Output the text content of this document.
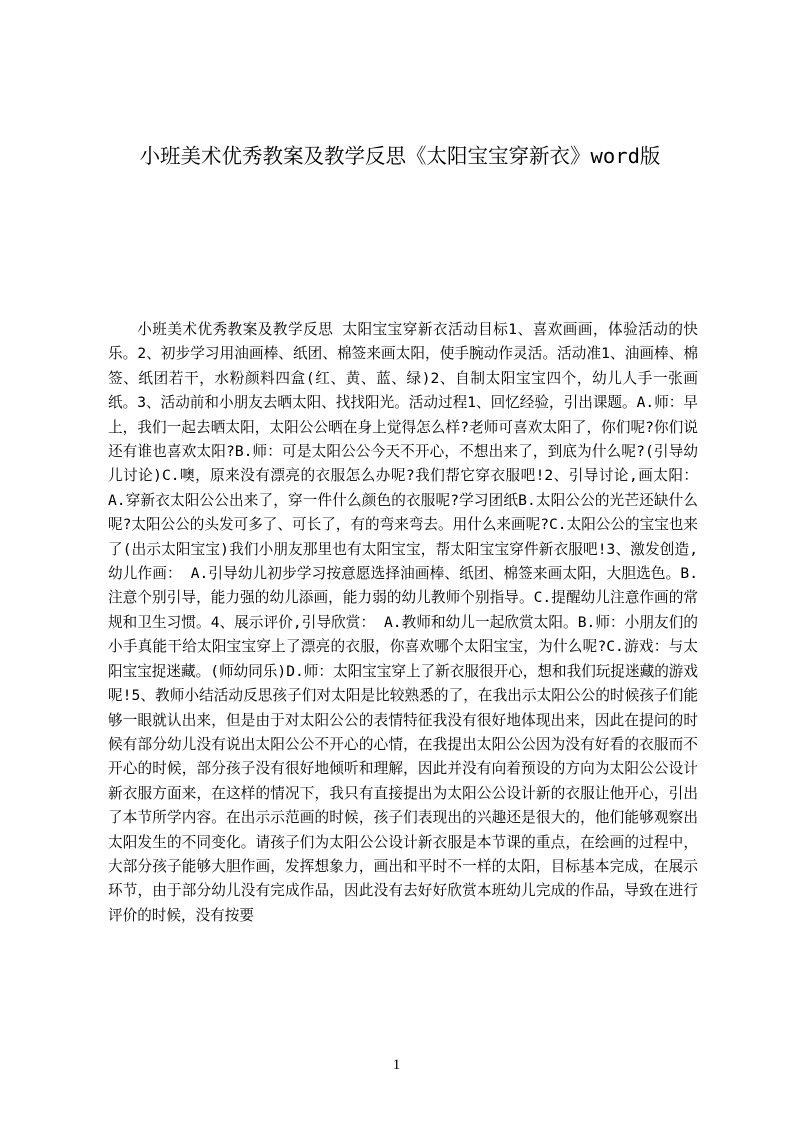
小班美术优秀教案及教学反思《太阳宝宝穿新衣》word版

小班美术优秀教案及教学反思 太阳宝宝穿新衣活动目标1、喜欢画画，体验活动的快乐。2、初步学习用油画棒、纸团、棉签来画太阳，使手腕动作灵活。活动准1、油画棒、棉签、纸团若干，水粉颜料四盒(红、黄、蓝、绿)2、自制太阳宝宝四个，幼儿人手一张画纸。3、活动前和小朋友去晒太阳、找找阳光。活动过程1、回忆经验，引出课题。A.师：早上，我们一起去晒太阳，太阳公公晒在身上觉得怎么样?老师可喜欢太阳了，你们呢?你们说还有谁也喜欢太阳?B.师：可是太阳公公今天不开心，不想出来了，到底为什么呢?(引导幼儿讨论)C.噢，原来没有漂亮的衣服怎么办呢?我们帮它穿衣服吧!2、引导讨论,画太阳： A.穿新衣太阳公公出来了，穿一件什么颜色的衣服呢?学习团纸B.太阳公公的光芒还缺什么呢?太阳公公的头发可多了、可长了，有的弯来弯去。用什么来画呢?C.太阳公公的宝宝也来了(出示太阳宝宝)我们小朋友那里也有太阳宝宝，帮太阳宝宝穿件新衣服吧!3、激发创造,幼儿作画： A.引导幼儿初步学习按意愿选择油画棒、纸团、棉签来画太阳，大胆选色。B.注意个别引导，能力强的幼儿添画，能力弱的幼儿教师个别指导。C.提醒幼儿注意作画的常规和卫生习惯。4、展示评价,引导欣赏： A.教师和幼儿一起欣赏太阳。B.师：小朋友们的小手真能干给太阳宝宝穿上了漂亮的衣服，你喜欢哪个太阳宝宝，为什么呢?C.游戏：与太阳宝宝捉迷藏。(师幼同乐)D.师：太阳宝宝穿上了新衣服很开心，想和我们玩捉迷藏的游戏呢!5、教师小结活动反思孩子们对太阳是比较熟悉的了，在我出示太阳公公的时候孩子们能够一眼就认出来，但是由于对太阳公公的表情特征我没有很好地体现出来，因此在提问的时候有部分幼儿没有说出太阳公公不开心的心情，在我提出太阳公公因为没有好看的衣服而不开心的时候，部分孩子没有很好地倾听和理解，因此并没有向着预设的方向为太阳公公设计新衣服方面来，在这样的情况下，我只有直接提出为太阳公公设计新的衣服让他开心，引出了本节所学内容。在出示示范画的时候，孩子们表现出的兴趣还是很大的，他们能够观察出太阳发生的不同变化。请孩子们为太阳公公设计新衣服是本节课的重点，在绘画的过程中，大部分孩子能够大胆作画，发挥想象力，画出和平时不一样的太阳，目标基本完成，在展示环节，由于部分幼儿没有完成作品，因此没有去好好欣赏本班幼儿完成的作品，导致在进行评价的时候，没有按要

1
